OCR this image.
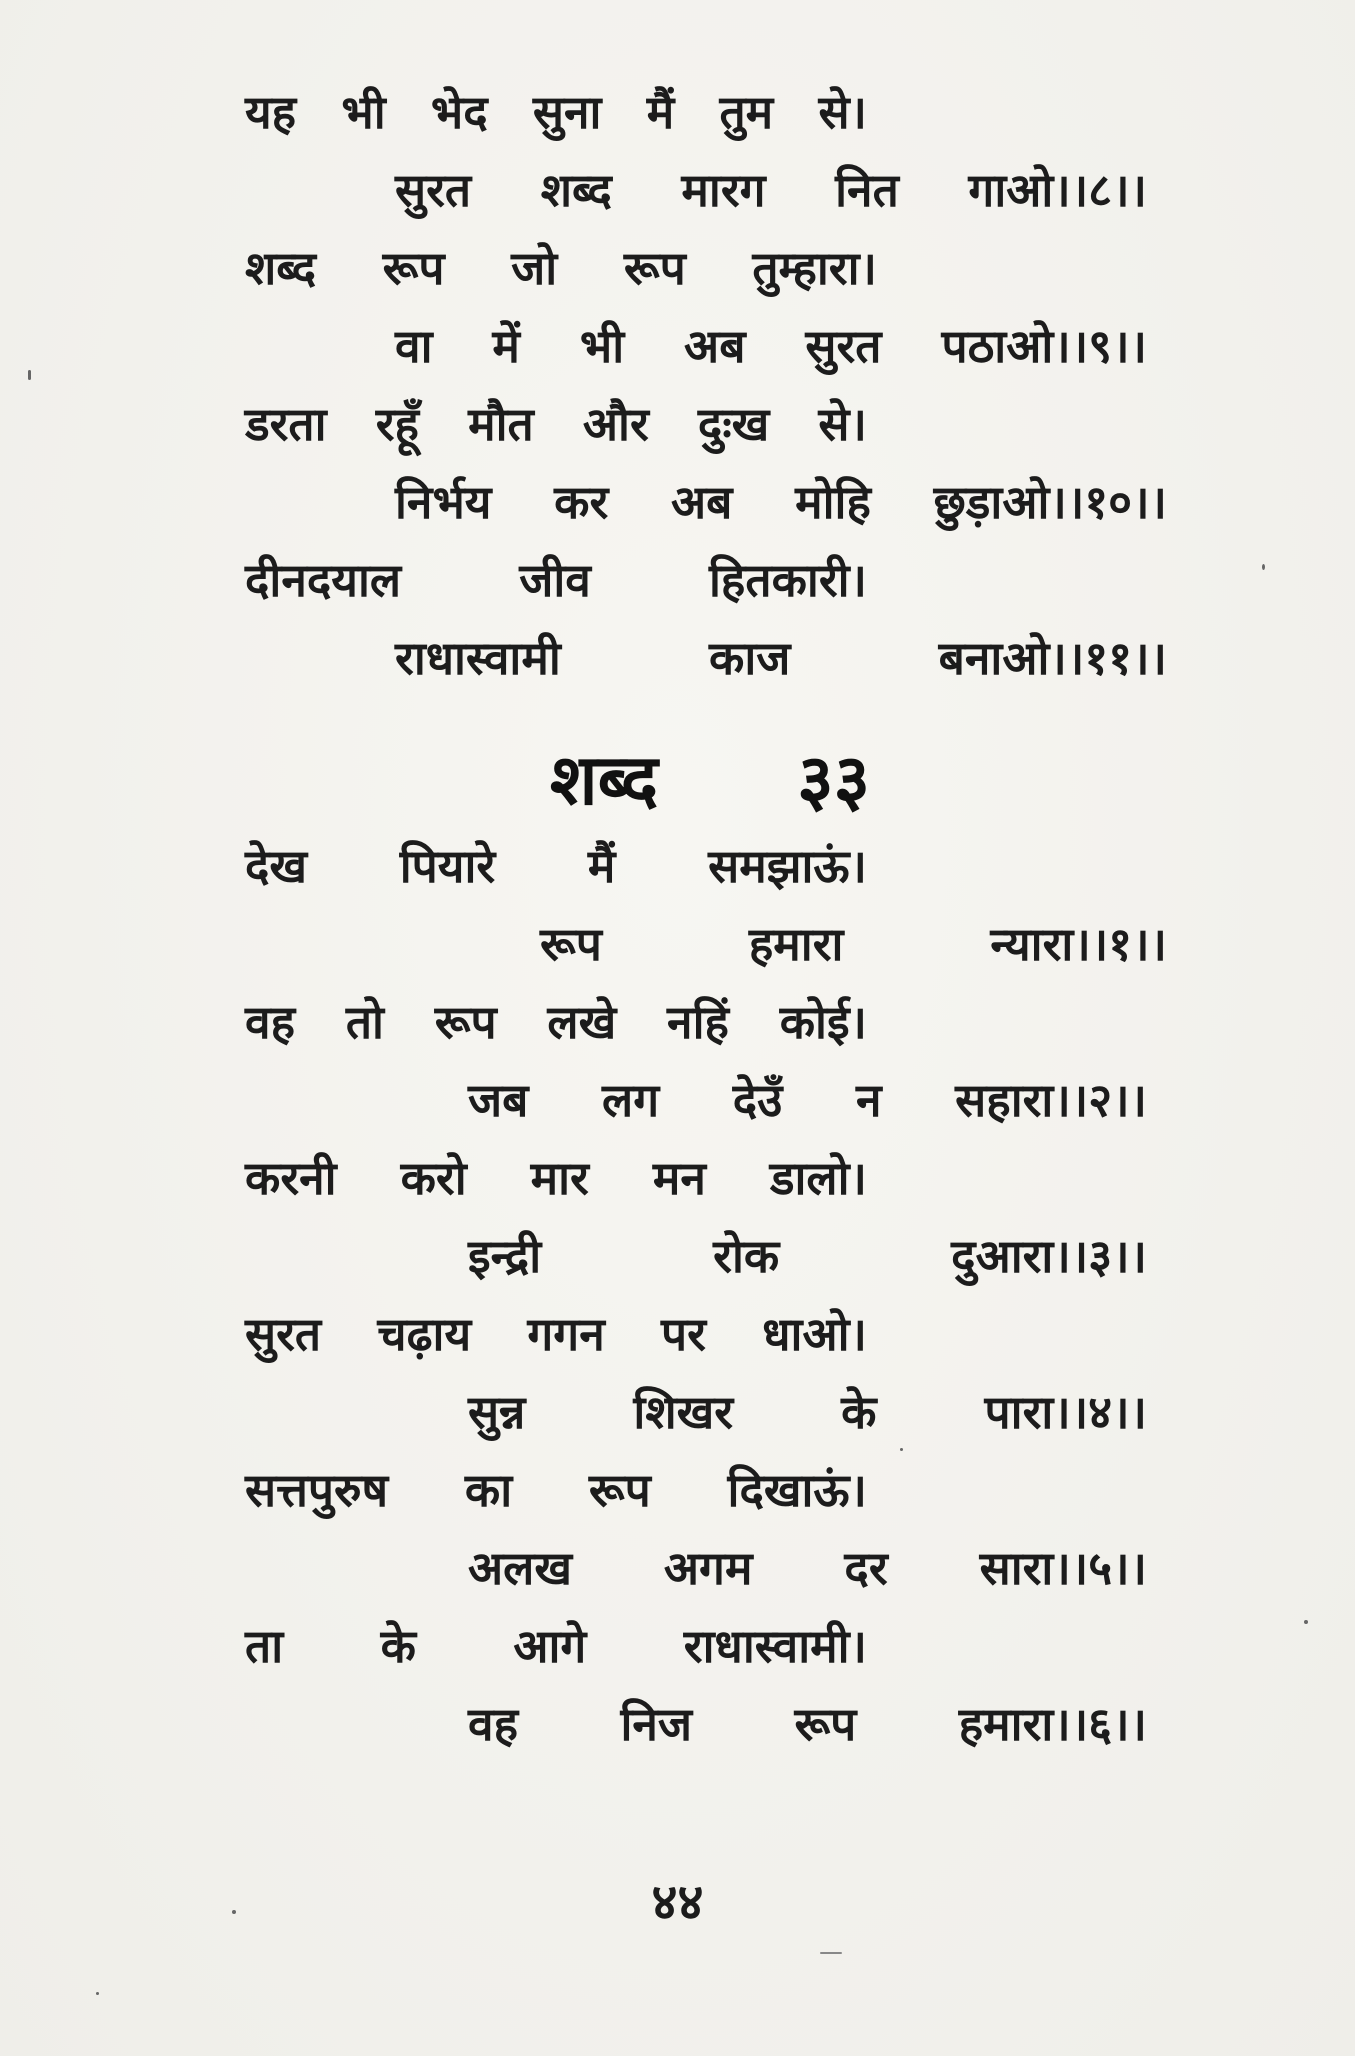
यह भी भेद सुना मैं तुम से।
सुरत शब्द मारग नित गाओ।।८।।
शब्द रूप जो रूप तुम्हारा।
वा में भी अब सुरत पठाओ।।९।।
डरता रहूँ मौत और दुःख से।
निर्भय कर अब मोहि छुड़ाओ।।१०।।
दीनदयाल	जीव	हितकारी।
राधास्वामी	काज	बनाओ।।११।।
शब्द ३३
देख पियारे मैं समझाऊं।
रूप	हमारा	न्यारा।।१।।
वह तो रूप लखे नहिं कोई।
जब लग देउँ न सहारा।।२।।
करनी करो मार मन डालो।
इन्द्री	रोक	दुआरा।।३।।
सुरत चढ़ाय गगन पर धाओ।
सुन्न शिखर के पारा।।४।।
सत्तपुरुष का रूप दिखाऊं।
अलख अगम दर सारा।।५।।
ता के आगे राधास्वामी।
वह निज रूप हमारा।।६।।
४४
